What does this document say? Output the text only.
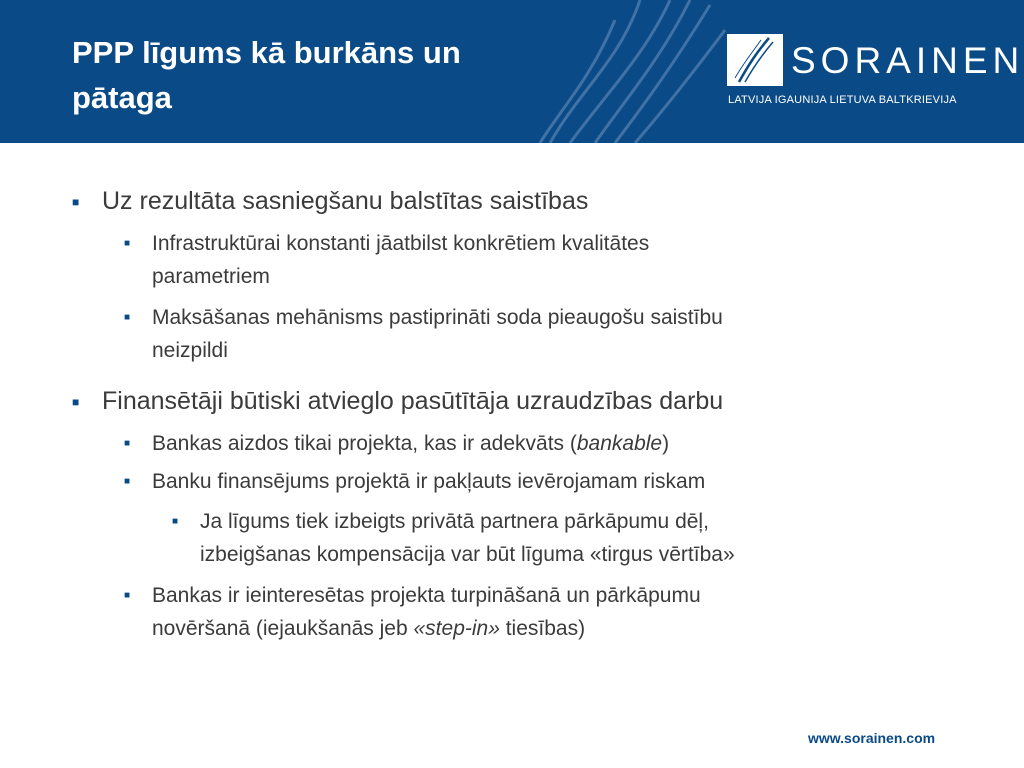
PPP līgums kā burkāns un
pātaga
SORAINEN
LATVIJA IGAUNIJA LIETUVA BALTKRIEVIJA
■ Uz rezultāta sasniegšanu balstītas saistības
■ Infrastruktūrai konstanti jāatbilst konkrētiem kvalitātes
parametriem
■ Maksāšanas mehānisms pastiprināti soda pieaugošu saistību
neizpildi
■ Finansētāji būtiski atvieglo pasūtītāja uzraudzības darbu
■ Bankas aizdos tikai projekta, kas ir adekvāts (bankable)
■ Banku finansējums projektā ir pakļauts ievērojamam riskam
■ Ja līgums tiek izbeigts privātā partnera pārkāpumu dēļ,
izbeigšanas kompensācija var būt līguma «tirgus vērtība»
■ Bankas ir ieinteresētas projekta turpināšanā un pārkāpumu
novēršanā (iejaukšanās jeb «step-in» tiesības)
www.sorainen.com
